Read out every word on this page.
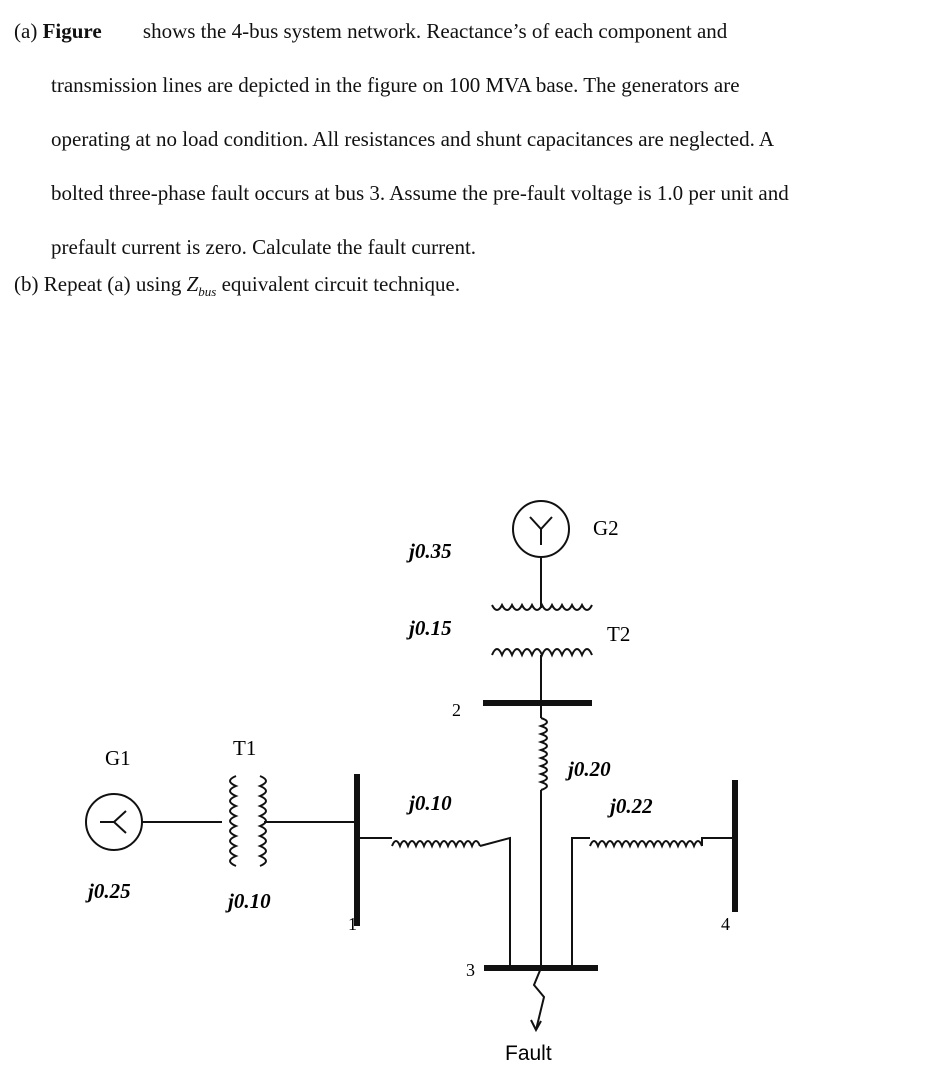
(a) Figure shows the 4-bus system network. Reactance’s of each component and
transmission lines are depicted in the figure on 100 MVA base. The generators are
operating at no load condition. All resistances and shunt capacitances are neglected. A
bolted three-phase fault occurs at bus 3. Assume the pre-fault voltage is 1.0 per unit and
prefault current is zero. Calculate the fault current.
(b) Repeat (a) using $Z_{bus}$ equivalent circuit technique.
G1
j0.25
T1
j0.10
1
G2
j0.35
T2
j0.15
2
j0.10
j0.20
j0.22
3
4
Fault
